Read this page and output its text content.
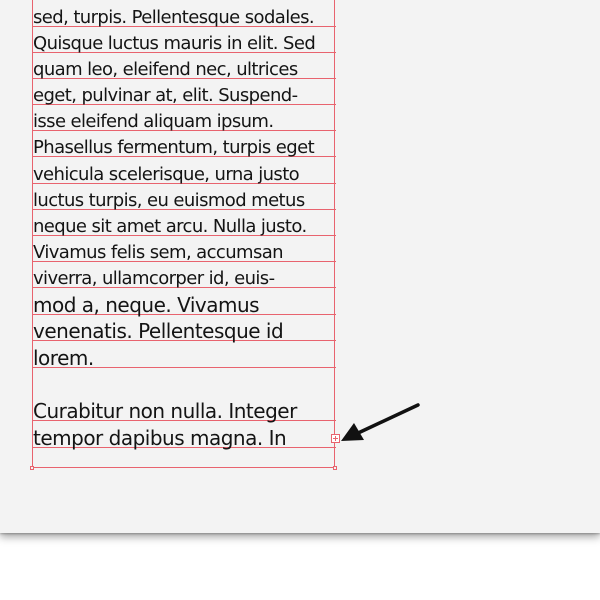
sed, turpis. Pellentesque sodales.
Quisque luctus mauris in elit. Sed
quam leo, eleifend nec, ultrices
eget, pulvinar at, elit. Suspend-
isse eleifend aliquam ipsum.
Phasellus fermentum, turpis eget
vehicula scelerisque, urna justo
luctus turpis, eu euismod metus
neque sit amet arcu. Nulla justo.
Vivamus felis sem, accumsan
viverra, ullamcorper id, euis-
mod a, neque. Vivamus
venenatis. Pellentesque id
lorem.
Curabitur non nulla. Integer
tempor dapibus magna. In
